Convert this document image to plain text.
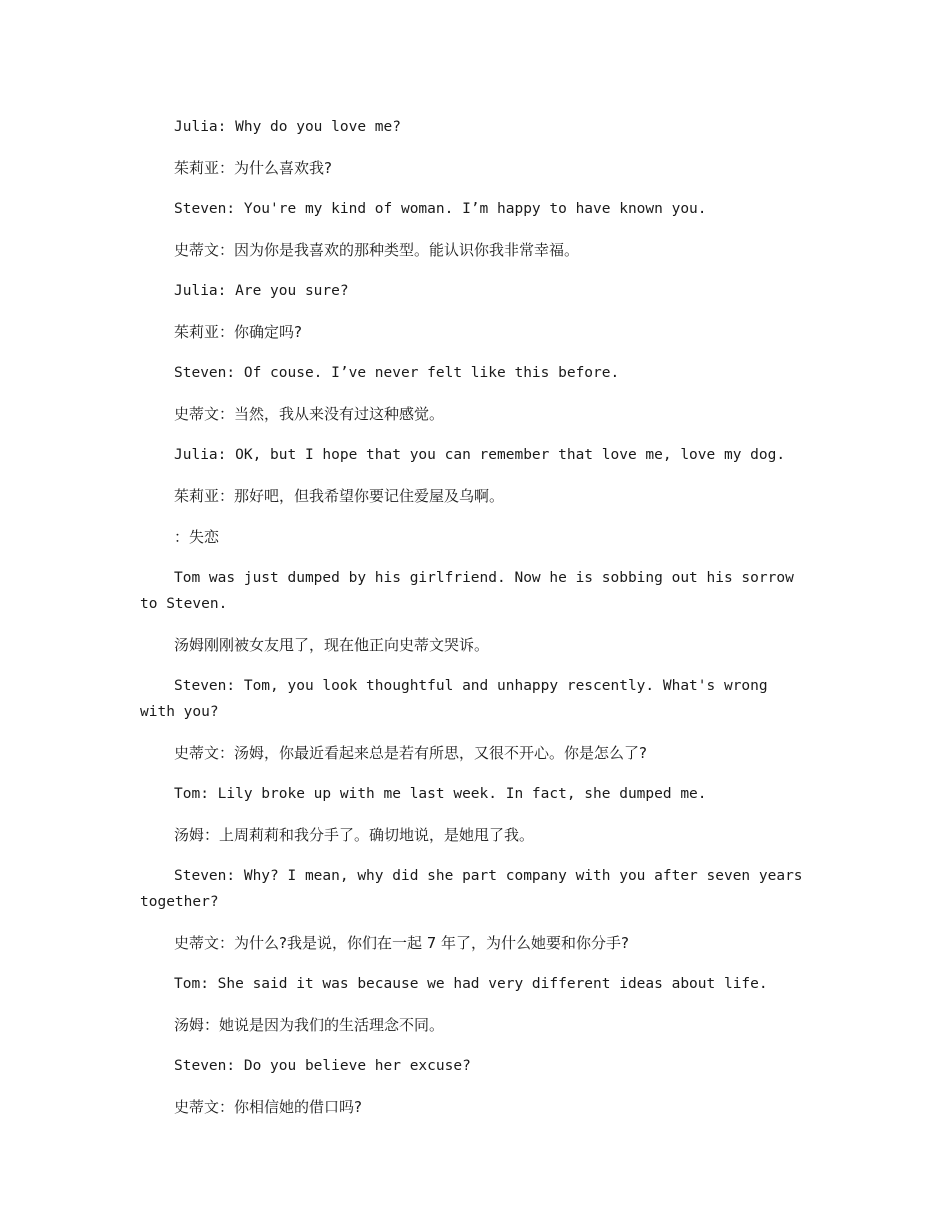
Julia: Why do you love me?

茱莉亚：为什么喜欢我?

Steven: You're my kind of woman. I’m happy to have known you.

史蒂文：因为你是我喜欢的那种类型。能认识你我非常幸福。

Julia: Are you sure?

茱莉亚：你确定吗?

Steven: Of couse. I’ve never felt like this before.

史蒂文：当然，我从来没有过这种感觉。

Julia: OK, but I hope that you can remember that love me, love my dog.

茱莉亚：那好吧，但我希望你要记住爱屋及乌啊。

：失恋

Tom was just dumped by his girlfriend. Now he is sobbing out his sorrow to Steven.

汤姆刚刚被女友甩了，现在他正向史蒂文哭诉。

Steven: Tom, you look thoughtful and unhappy rescently. What's wrong with you?

史蒂文：汤姆，你最近看起来总是若有所思，又很不开心。你是怎么了?

Tom: Lily broke up with me last week. In fact, she dumped me.

汤姆：上周莉莉和我分手了。确切地说，是她甩了我。

Steven: Why? I mean, why did she part company with you after seven years together?

史蒂文：为什么?我是说，你们在一起 7 年了，为什么她要和你分手?

Tom: She said it was because we had very different ideas about life.

汤姆：她说是因为我们的生活理念不同。

Steven: Do you believe her excuse?

史蒂文：你相信她的借口吗?
